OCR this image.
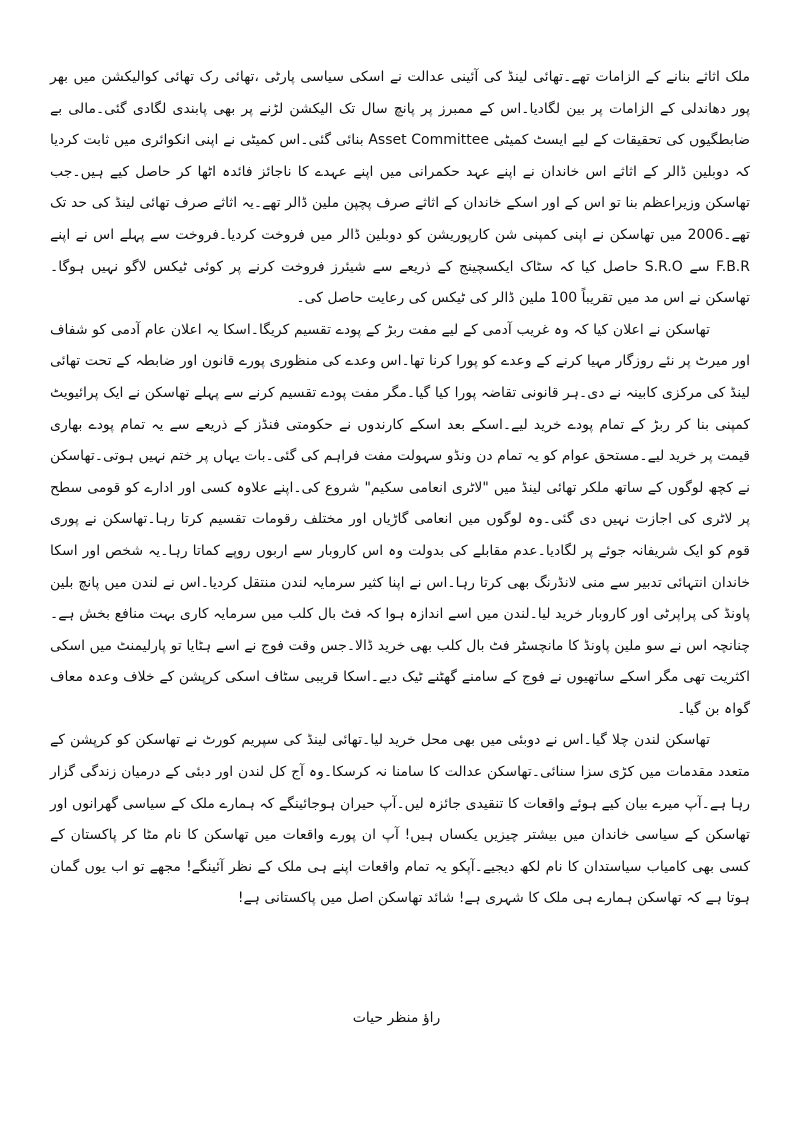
ملک اثاثے بنانے کے الزامات تھے۔تھائی لینڈ کی آئینی عدالت نے اسکی سیاسی پارٹی ،تھائی رک تھائی کوالیکشن میں بھر پور دھاندلی کے الزامات پر بین لگادیا۔اس کے ممبرز پر پانچ سال تک الیکشن لڑنے پر بھی پابندی لگادی گئی۔مالی بے ضابطگیوں کی تحقیقات کے لیے ایسٹ کمیٹی Asset Committee بنائی گئی۔اس کمیٹی نے اپنی انکوائری میں ثابت کردیا کہ دوبلین ڈالر کے اثاثے اس خاندان نے اپنے عہد حکمرانی میں اپنے عہدے کا ناجائز فائدہ اٹھا کر حاصل کیے ہیں۔جب تھاسکن وزیراعظم بنا تو اس کے اور اسکے خاندان کے اثاثے صرف پچپن ملین ڈالر تھے۔یہ اثاثے صرف تھائی لینڈ کی حد تک تھے۔2006 میں تھاسکن نے اپنی کمپنی شن کارپوریشن کو دوبلین ڈالر میں فروخت کردیا۔فروخت سے پہلے اس نے اپنے F.B.R سے S.R.O حاصل کیا کہ سٹاک ایکسچینج کے ذریعے سے شیئرز فروخت کرنے پر کوئی ٹیکس لاگو نہیں ہوگا۔تھاسکن نے اس مد میں تقریباً 100 ملین ڈالر کی ٹیکس کی رعایت حاصل کی۔

تھاسکن نے اعلان کیا کہ وہ غریب آدمی کے لیے مفت ربڑ کے پودے تقسیم کریگا۔اسکا یہ اعلان عام آدمی کو شفاف اور میرٹ پر نئے روزگار مہیا کرنے کے وعدے کو پورا کرنا تھا۔اس وعدے کی منظوری پورے قانون اور ضابطہ کے تحت تھائی لینڈ کی مرکزی کابینہ نے دی۔ہر قانونی تقاضہ پورا کیا گیا۔مگر مفت پودے تقسیم کرنے سے پہلے تھاسکن نے ایک پرائیویٹ کمپنی بنا کر ربڑ کے تمام پودے خرید لیے۔اسکے بعد اسکے کارندوں نے حکومتی فنڈز کے ذریعے سے یہ تمام پودے بھاری قیمت پر خرید لیے۔مستحق عوام کو یہ تمام دن ونڈو سہولت مفت فراہم کی گئی۔بات یہاں پر ختم نہیں ہوتی۔تھاسکن نے کچھ لوگوں کے ساتھ ملکر تھائی لینڈ میں "لاٹری انعامی سکیم" شروع کی۔اپنے علاوہ کسی اور ادارے کو قومی سطح پر لاٹری کی اجازت نہیں دی گئی۔وہ لوگوں میں انعامی گاڑیاں اور مختلف رقومات تقسیم کرتا رہا۔تھاسکن نے پوری قوم کو ایک شریفانہ جوئے پر لگادیا۔عدم مقابلے کی بدولت وہ اس کاروبار سے اربوں روپے کماتا رہا۔یہ شخص اور اسکا خاندان انتہائی تدبیر سے منی لانڈرنگ بھی کرتا رہا۔اس نے اپنا کثیر سرمایہ لندن منتقل کردیا۔اس نے لندن میں پانچ بلین پاونڈ کی پراپرٹی اور کاروبار خرید لیا۔لندن میں اسے اندازہ ہوا کہ فٹ بال کلب میں سرمایہ کاری بہت منافع بخش ہے۔چنانچہ اس نے سو ملین پاونڈ کا مانچسٹر فٹ بال کلب بھی خرید ڈالا۔جس وقت فوج نے اسے ہٹایا تو پارلیمنٹ میں اسکی اکثریت تھی مگر اسکے ساتھیوں نے فوج کے سامنے گھٹنے ٹیک دیے۔اسکا قریبی سٹاف اسکی کرپشن کے خلاف وعدہ معاف گواہ بن گیا۔

تھاسکن لندن چلا گیا۔اس نے دوبئی میں بھی محل خرید لیا۔تھائی لینڈ کی سپریم کورٹ نے تھاسکن کو کرپشن کے متعدد مقدمات میں کڑی سزا سنائی۔تھاسکن عدالت کا سامنا نہ کرسکا۔وہ آج کل لندن اور دبئی کے درمیان زندگی گزار رہا ہے۔آپ میرے بیان کیے ہوئے واقعات کا تنقیدی جائزہ لیں۔آپ حیران ہوجائینگے کہ ہمارے ملک کے سیاسی گھرانوں اور تھاسکن کے سیاسی خاندان میں بیشتر چیزیں یکساں ہیں! آپ ان پورے واقعات میں تھاسکن کا نام مٹا کر پاکستان کے کسی بھی کامیاب سیاستدان کا نام لکھ دیجیے۔آپکو یہ تمام واقعات اپنے ہی ملک کے نظر آئینگے! مجھے تو اب یوں گمان ہوتا ہے کہ تھاسکن ہمارے ہی ملک کا شہری ہے! شائد تھاسکن اصل میں پاکستانی ہے!

راؤ منظر حیات
